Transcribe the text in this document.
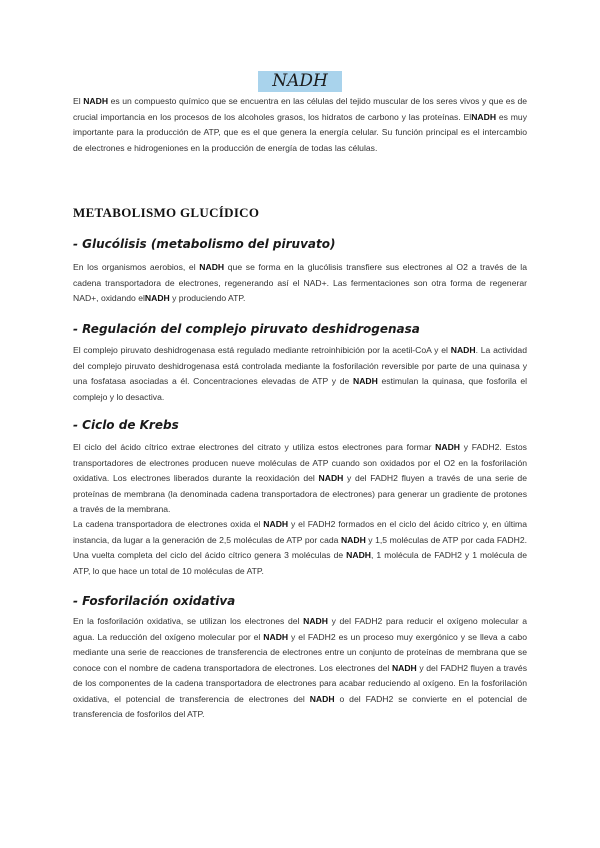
NADH

El NADH es un compuesto químico que se encuentra en las células del tejido muscular de los seres vivos y que es de crucial importancia en los procesos de los alcoholes grasos, los hidratos de carbono y las proteínas. ElNADH es muy importante para la producción de ATP, que es el que genera la energía celular. Su función principal es el intercambio de electrones e hidrogeniones en la producción de energía de todas las células.

METABOLISMO GLUCÍDICO
- Glucólisis (metabolismo del piruvato)

En los organismos aerobios, el NADH que se forma en la glucólisis transfiere sus electrones al O2 a través de la cadena transportadora de electrones, regenerando así el NAD+. Las fermentaciones son otra forma de regenerar NAD+, oxidando elNADH y produciendo ATP.

- Regulación del complejo piruvato deshidrogenasa

El complejo piruvato deshidrogenasa está regulado mediante retroinhibición por la acetil-CoA y el NADH. La actividad del complejo piruvato deshidrogenasa está controlada mediante la fosforilación reversible por parte de una quinasa y una fosfatasa asociadas a él. Concentraciones elevadas de ATP y de NADH estimulan la quinasa, que fosforila el complejo y lo desactiva.

- Ciclo de Krebs

El ciclo del ácido cítrico extrae electrones del citrato y utiliza estos electrones para formar NADH y FADH2. Estos transportadores de electrones producen nueve moléculas de ATP cuando son oxidados por el O2 en la fosforilación oxidativa. Los electrones liberados durante la reoxidación del NADH y del FADH2 fluyen a través de una serie de proteínas de membrana (la denominada cadena transportadora de electrones) para generar un gradiente de protones a través de la membrana.

La cadena transportadora de electrones oxida el NADH y el FADH2 formados en el ciclo del ácido cítrico y, en última instancia, da lugar a la generación de 2,5 moléculas de ATP por cada NADH y 1,5 moléculas de ATP por cada FADH2. Una vuelta completa del ciclo del ácido cítrico genera 3 moléculas de NADH, 1 molécula de FADH2 y 1 molécula de ATP, lo que hace un total de 10 moléculas de ATP.

- Fosforilación oxidativa

En la fosforilación oxidativa, se utilizan los electrones del NADH y del FADH2 para reducir el oxígeno molecular a agua. La reducción del oxígeno molecular por el NADH y el FADH2 es un proceso muy exergónico y se lleva a cabo mediante una serie de reacciones de transferencia de electrones entre un conjunto de proteínas de membrana que se conoce con el nombre de cadena transportadora de electrones. Los electrones del NADH y del FADH2 fluyen a través de los componentes de la cadena transportadora de electrones para acabar reduciendo al oxígeno. En la fosforilación oxidativa, el potencial de transferencia de electrones del NADH o del FADH2 se convierte en el potencial de transferencia de fosforilos del ATP.
